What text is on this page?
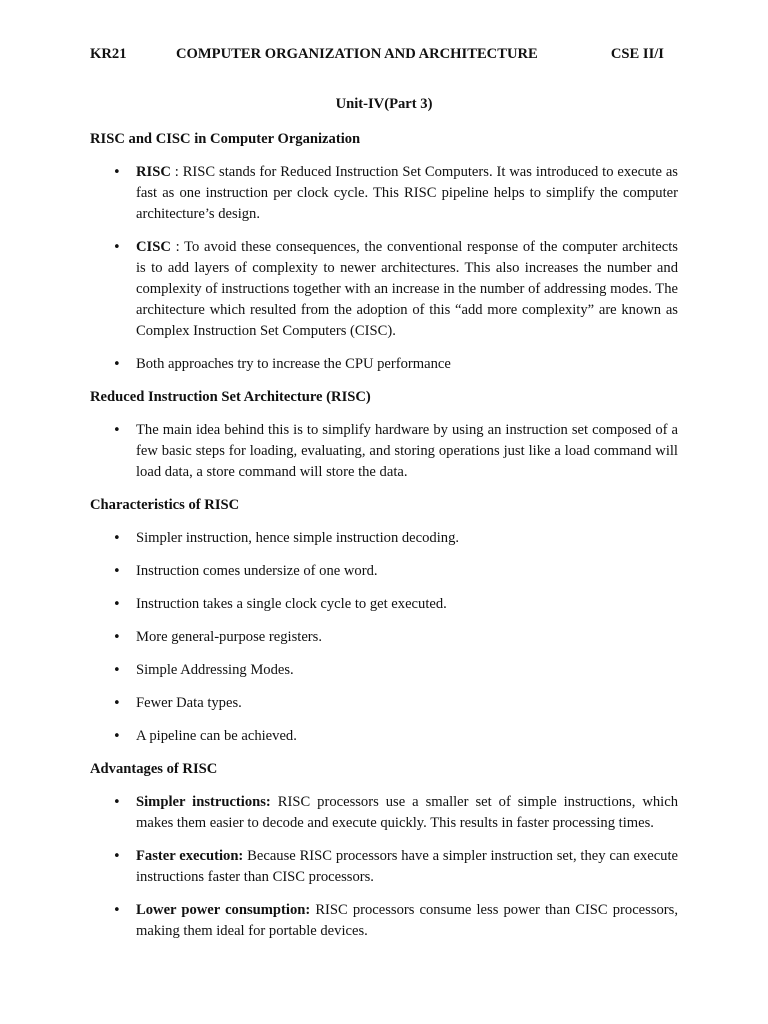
KR21	COMPUTER ORGANIZATION AND ARCHITECTURE	CSE II/I
Unit-IV(Part 3)
RISC and CISC in Computer Organization
• RISC : RISC stands for Reduced Instruction Set Computers. It was introduced to execute as fast as one instruction per clock cycle. This RISC pipeline helps to simplify the computer architecture’s design.
• CISC : To avoid these consequences, the conventional response of the computer architects is to add layers of complexity to newer architectures. This also increases the number and complexity of instructions together with an increase in the number of addressing modes. The architecture which resulted from the adoption of this “add more complexity” are known as Complex Instruction Set Computers (CISC).
• Both approaches try to increase the CPU performance
Reduced Instruction Set Architecture (RISC)
• The main idea behind this is to simplify hardware by using an instruction set composed of a few basic steps for loading, evaluating, and storing operations just like a load command will load data, a store command will store the data.
Characteristics of RISC
• Simpler instruction, hence simple instruction decoding.
• Instruction comes undersize of one word.
• Instruction takes a single clock cycle to get executed.
• More general-purpose registers.
• Simple Addressing Modes.
• Fewer Data types.
• A pipeline can be achieved.
Advantages of RISC
• Simpler instructions: RISC processors use a smaller set of simple instructions, which makes them easier to decode and execute quickly. This results in faster processing times.
• Faster execution: Because RISC processors have a simpler instruction set, they can execute instructions faster than CISC processors.
• Lower power consumption: RISC processors consume less power than CISC processors, making them ideal for portable devices.
